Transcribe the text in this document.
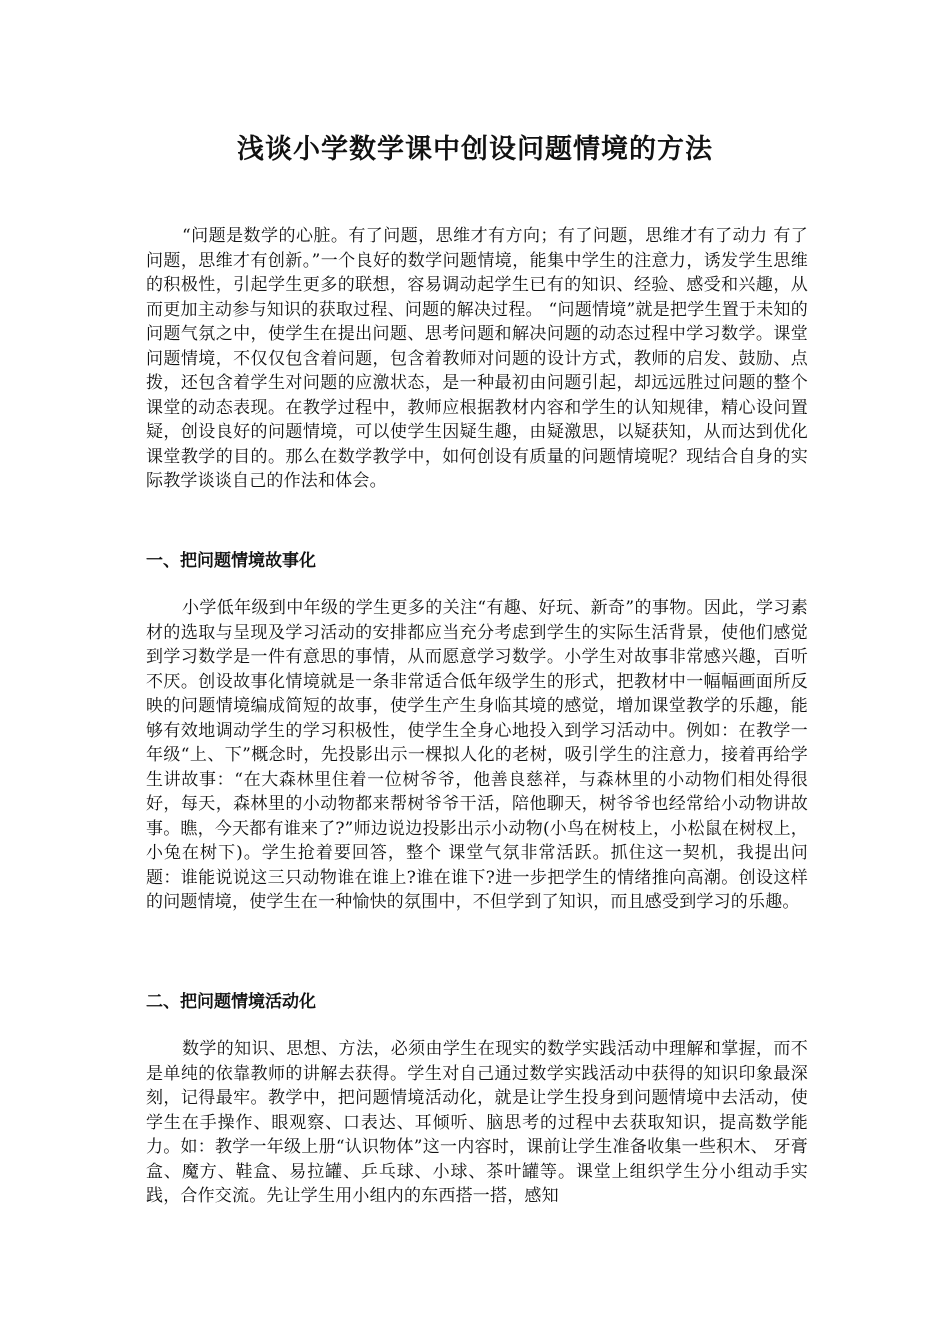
浅谈小学数学课中创设问题情境的方法

“问题是数学的心脏。有了问题，思维才有方向；有了问题，思维才有了动力 有了问题，思维才有创新。”一个良好的数学问题情境，能集中学生的注意力，诱发学生思维的积极性，引起学生更多的联想，容易调动起学生已有的知识、经验、感受和兴趣，从而更加主动参与知识的获取过程、问题的解决过程。 “问题情境”就是把学生置于未知的问题气氛之中，使学生在提出问题、思考问题和解决问题的动态过程中学习数学。课堂问题情境，不仅仅包含着问题，包含着教师对问题的设计方式，教师的启发、鼓励、点拨，还包含着学生对问题的应激状态，是一种最初由问题引起，却远远胜过问题的整个课堂的动态表现。在教学过程中，教师应根据教材内容和学生的认知规律，精心设问置疑，创设良好的问题情境，可以使学生因疑生趣，由疑激思，以疑获知，从而达到优化课堂教学的目的。那么在数学教学中，如何创设有质量的问题情境呢？现结合自身的实际教学谈谈自己的作法和体会。

一、把问题情境故事化

小学低年级到中年级的学生更多的关注“有趣、好玩、新奇”的事物。因此，学习素材的选取与呈现及学习活动的安排都应当充分考虑到学生的实际生活背景，使他们感觉到学习数学是一件有意思的事情，从而愿意学习数学。小学生对故事非常感兴趣，百听不厌。创设故事化情境就是一条非常适合低年级学生的形式，把教材中一幅幅画面所反映的问题情境编成简短的故事，使学生产生身临其境的感觉，增加课堂教学的乐趣，能够有效地调动学生的学习积极性，使学生全身心地投入到学习活动中。例如：在教学一年级“上、下”概念时，先投影出示一棵拟人化的老树，吸引学生的注意力，接着再给学生讲故事：“在大森林里住着一位树爷爷，他善良慈祥，与森林里的小动物们相处得很好，每天，森林里的小动物都来帮树爷爷干活，陪他聊天，树爷爷也经常给小动物讲故事。瞧，今天都有谁来了?”师边说边投影出示小动物(小鸟在树枝上，小松鼠在树杈上，小兔在树下)。学生抢着要回答，整个 课堂气氛非常活跃。抓住这一契机，我提出问题：谁能说说这三只动物谁在谁上?谁在谁下?进一步把学生的情绪推向高潮。创设这样的问题情境，使学生在一种愉快的氛围中，不但学到了知识，而且感受到学习的乐趣。

二、把问题情境活动化

数学的知识、思想、方法，必须由学生在现实的数学实践活动中理解和掌握，而不是单纯的依靠教师的讲解去获得。学生对自己通过数学实践活动中获得的知识印象最深刻，记得最牢。教学中，把问题情境活动化，就是让学生投身到问题情境中去活动，使学生在手操作、眼观察、口表达、耳倾听、脑思考的过程中去获取知识，提高数学能力。如：教学一年级上册“认识物体”这一内容时，课前让学生准备收集一些积木、 牙膏盒、魔方、鞋盒、易拉罐、乒乓球、小球、茶叶罐等。课堂上组织学生分小组动手实践，合作交流。先让学生用小组内的东西搭一搭，感知
